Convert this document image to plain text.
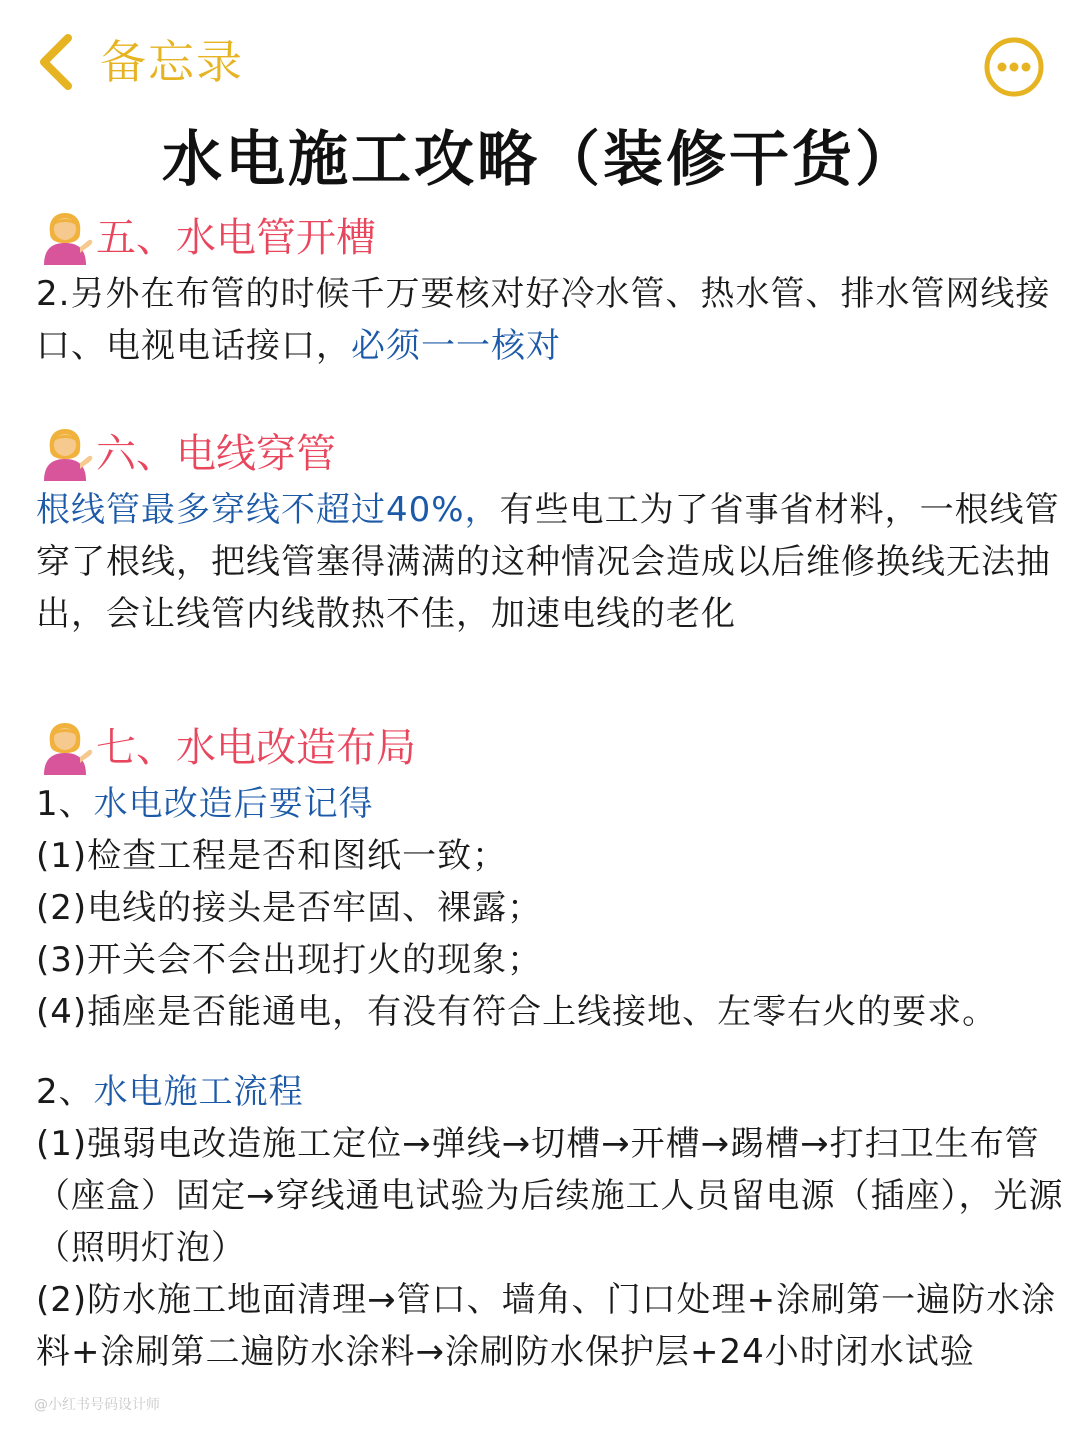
备忘录
水电施工攻略（装修干货）
五、水电管开槽
2.另外在布管的时候千万要核对好冷水管、热水管、排水管网线接口、电视电话接口，必须一一核对
六、电线穿管
根线管最多穿线不超过40%，有些电工为了省事省材料，一根线管穿了根线，把线管塞得满满的这种情况会造成以后维修换线无法抽出，会让线管内线散热不佳，加速电线的老化
七、水电改造布局
1、水电改造后要记得
(1)检查工程是否和图纸一致；
(2)电线的接头是否牢固、裸露；
(3)开关会不会出现打火的现象；
(4)插座是否能通电，有没有符合上线接地、左零右火的要求。
2、水电施工流程
(1)强弱电改造施工定位→弹线→切槽→开槽→踢槽→打扫卫生布管（座盒）固定→穿线通电试验为后续施工人员留电源（插座），光源（照明灯泡）
(2)防水施工地面清理→管口、墙角、门口处理+涂刷第一遍防水涂料+涂刷第二遍防水涂料→涂刷防水保护层+24小时闭水试验
@小红书号码设计师
